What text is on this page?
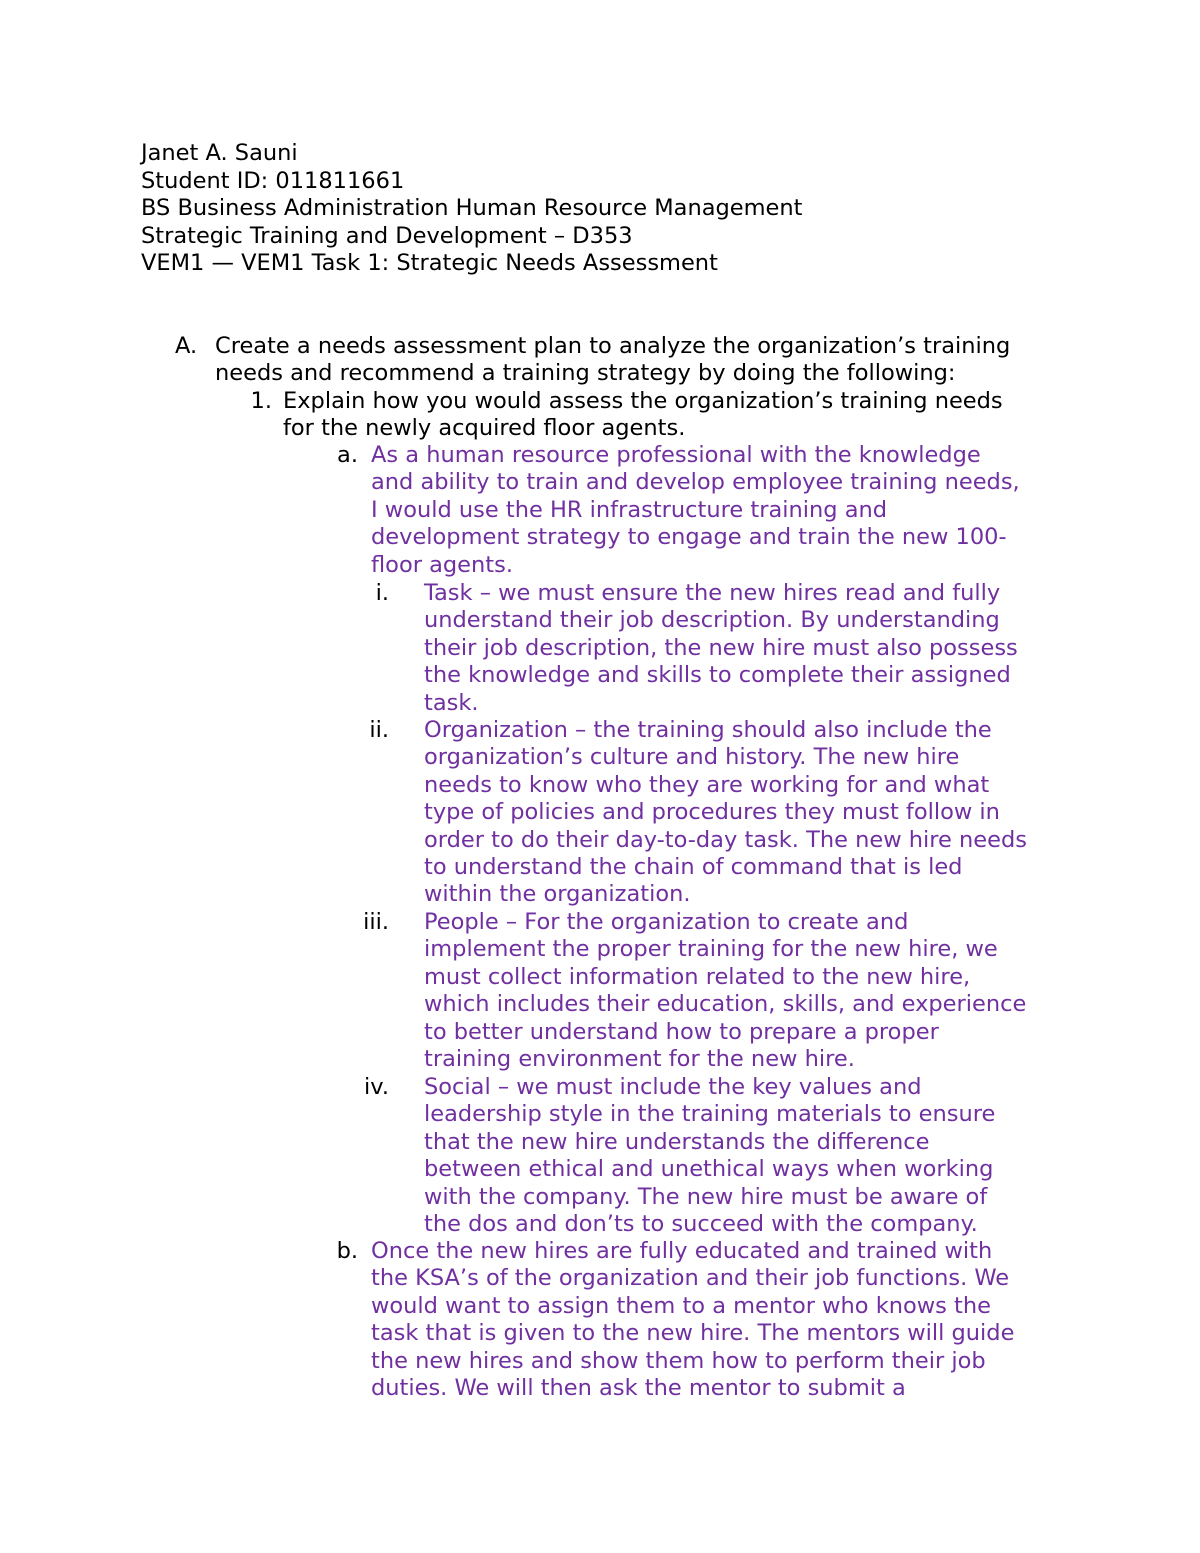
Janet A. Sauni
Student ID: 011811661
BS Business Administration Human Resource Management
Strategic Training and Development – D353
VEM1 — VEM1 Task 1: Strategic Needs Assessment
A. Create a needs assessment plan to analyze the organization’s training
needs and recommend a training strategy by doing the following:
1. Explain how you would assess the organization’s training needs
for the newly acquired floor agents.
a. As a human resource professional with the knowledge
and ability to train and develop employee training needs,
I would use the HR infrastructure training and
development strategy to engage and train the new 100-
floor agents.
i. Task – we must ensure the new hires read and fully
understand their job description. By understanding
their job description, the new hire must also possess
the knowledge and skills to complete their assigned
task.
ii. Organization – the training should also include the
organization’s culture and history. The new hire
needs to know who they are working for and what
type of policies and procedures they must follow in
order to do their day-to-day task. The new hire needs
to understand the chain of command that is led
within the organization.
iii. People – For the organization to create and
implement the proper training for the new hire, we
must collect information related to the new hire,
which includes their education, skills, and experience
to better understand how to prepare a proper
training environment for the new hire.
iv. Social – we must include the key values and
leadership style in the training materials to ensure
that the new hire understands the difference
between ethical and unethical ways when working
with the company. The new hire must be aware of
the dos and don’ts to succeed with the company.
b. Once the new hires are fully educated and trained with
the KSA’s of the organization and their job functions. We
would want to assign them to a mentor who knows the
task that is given to the new hire. The mentors will guide
the new hires and show them how to perform their job
duties. We will then ask the mentor to submit a
